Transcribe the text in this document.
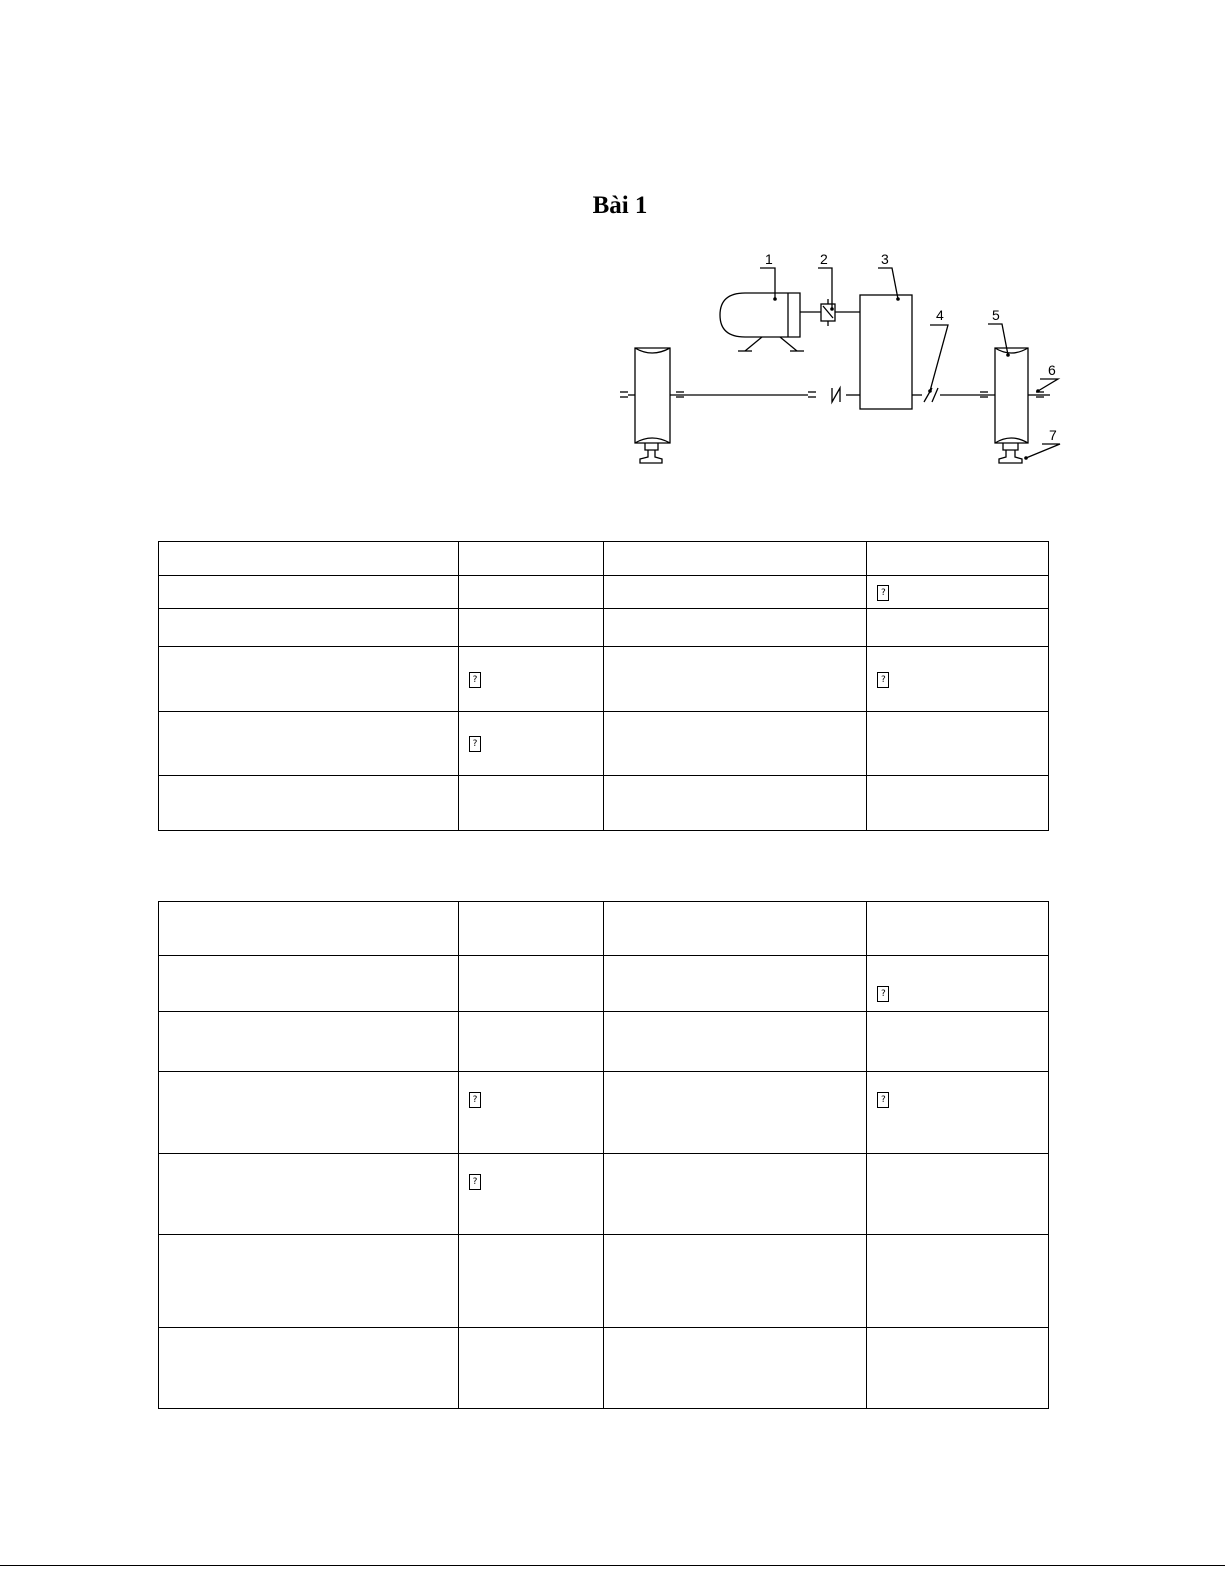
Bài 1
1	2	3
4	5
6
7

			?

	?		?
	?		

			?

	?		?
	?		
